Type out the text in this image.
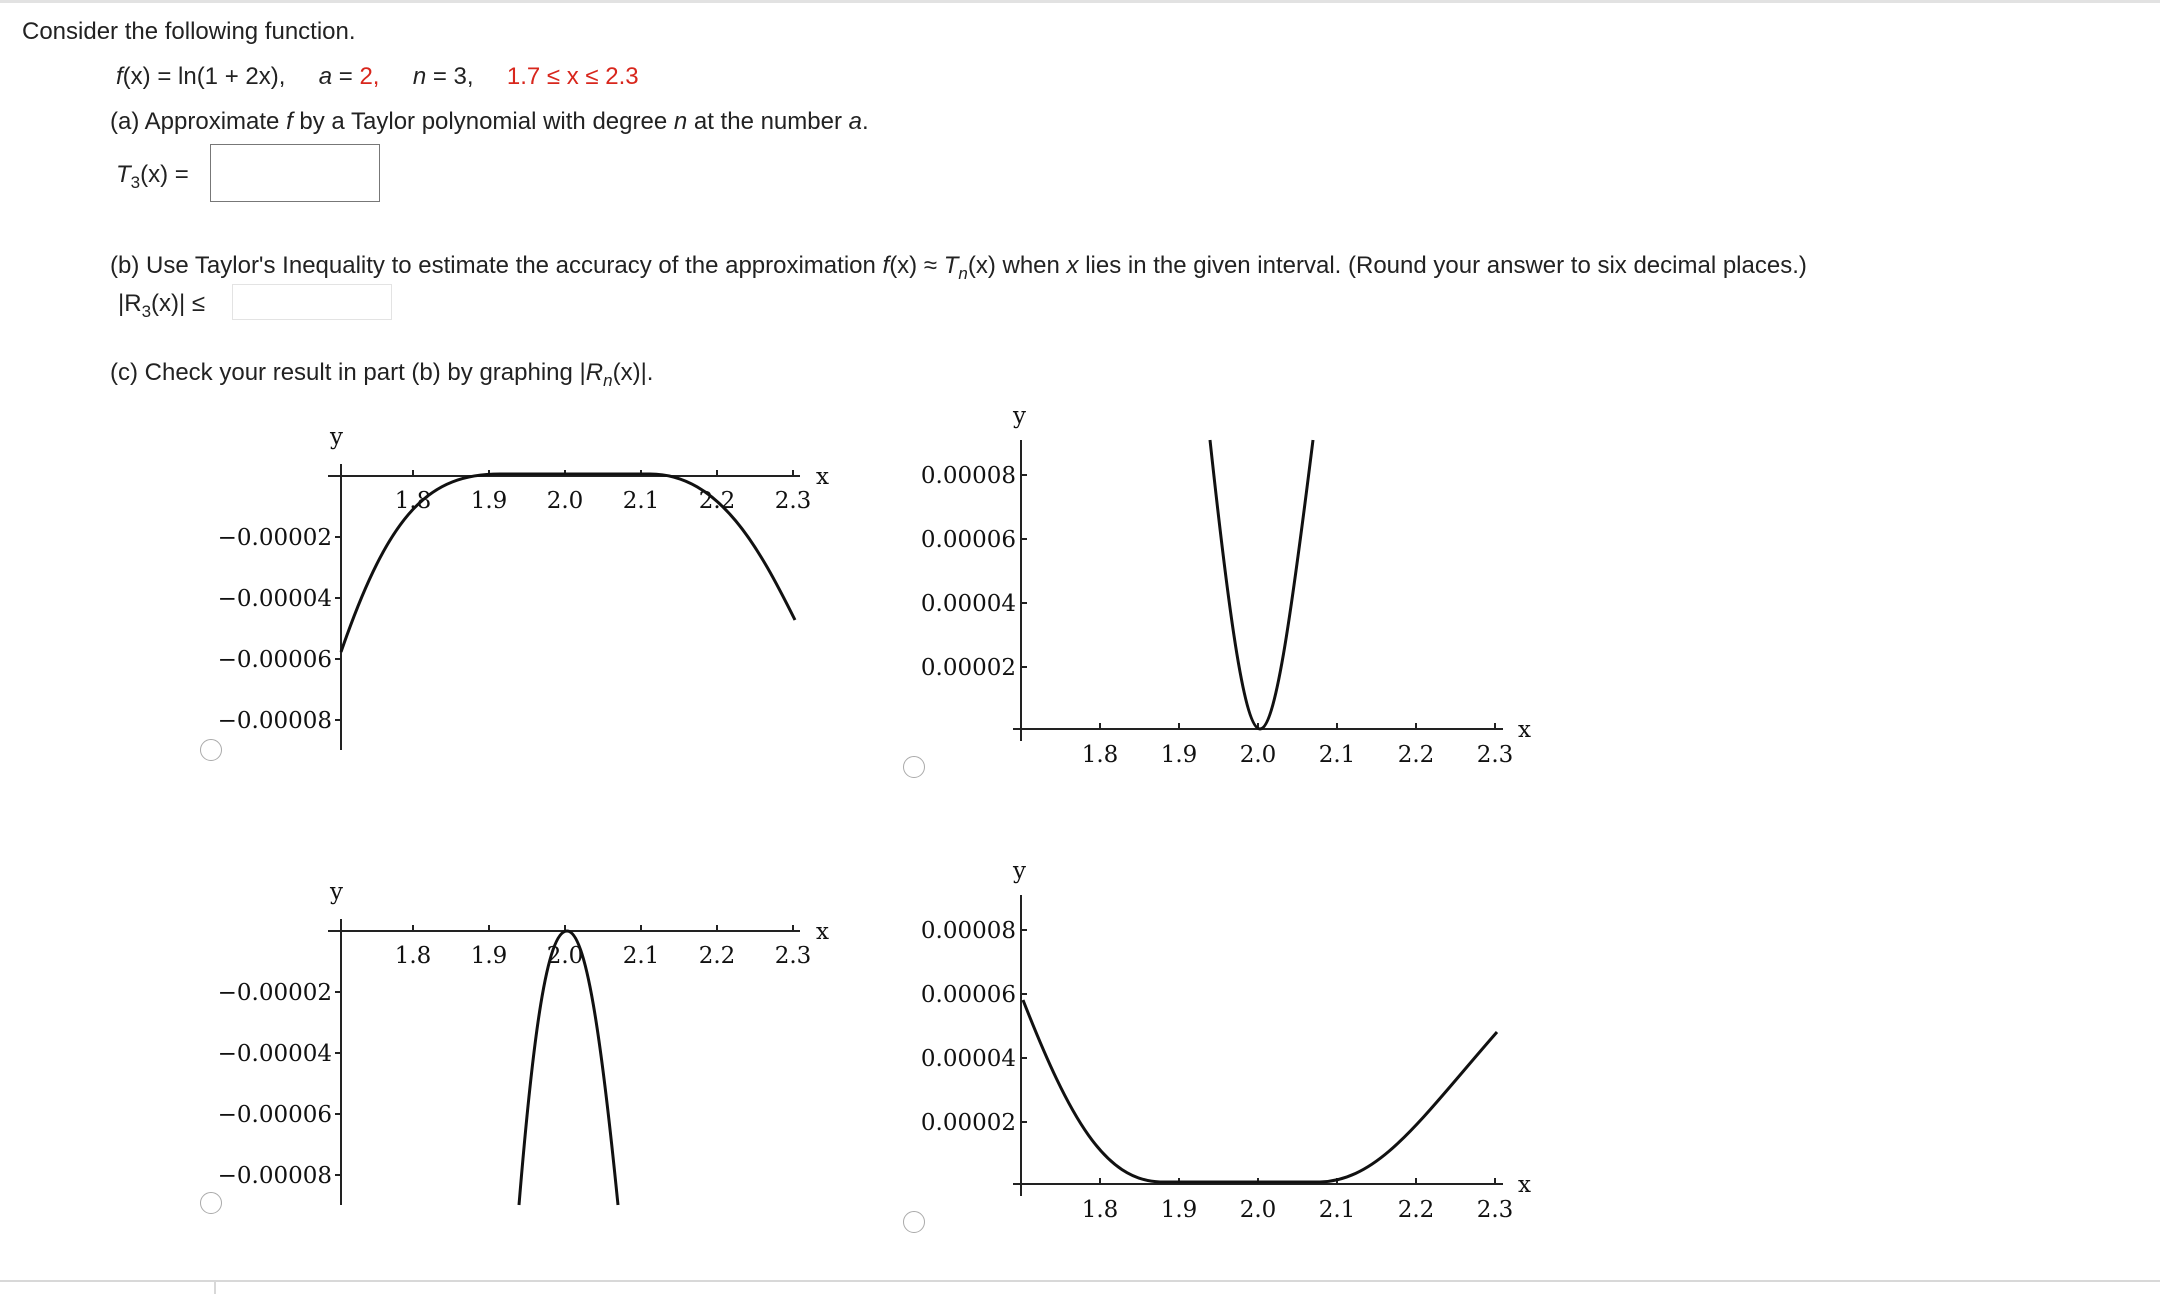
Consider the following function.
f(x) = ln(1 + 2x), a = 2, n = 3, 1.7 ≤ x ≤ 2.3
(a) Approximate f by a Taylor polynomial with degree n at the number a.
$T_3(x)$ =
(b) Use Taylor's Inequality to estimate the accuracy of the approximation $f(x) \approx T_n(x)$ when x lies in the given interval. (Round your answer to six decimal places.)
$|R_3(x)|$ ≤
(c) Check your result in part (b) by graphing $|R_n(x)|$.
y
x
1.8 1.9 2.0 2.1 2.2 2.3
−0.00002
−0.00004
−0.00006
−0.00008
y
x
1.8 1.9 2.0 2.1 2.2 2.3
0.00008
0.00006
0.00004
0.00002
y
x
1.8 1.9 2.0 2.1 2.2 2.3
−0.00002
−0.00004
−0.00006
−0.00008
y
x
1.8 1.9 2.0 2.1 2.2 2.3
0.00008
0.00006
0.00004
0.00002
